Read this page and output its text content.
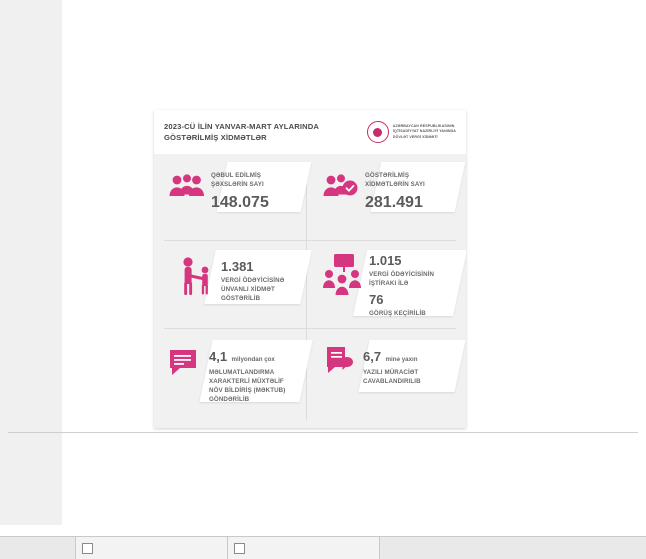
2023-CÜ İLİN YANVAR-MART AYLARINDA
GÖSTƏRİLMİŞ XİDMƏTLƏR
AZƏRBAYCAN RESPUBLİKASININ
İQTİSADİYYAT NAZİRLİYİ YANINDA
DÖVLƏT VERGİ XİDMƏTİ
QƏBUL EDİLMİŞ
ŞƏXSLƏRİN SAYI
148.075
GÖSTƏRİLMİŞ
XİDMƏTLƏRİN SAYI
281.491
1.381
VERGİ ÖDƏYİCİSİNƏ
ÜNVANLI XİDMƏT
GÖSTƏRİLİB
1.015
VERGİ ÖDƏYİCİSİNİN
İŞTİRAKI İLƏ
76
GÖRÜŞ KEÇİRİLİB
4,1 milyondan çox
MƏLUMATLANDIRMA
XARAKTERLİ MÜXTƏLİF
NÖV BİLDİRİŞ (MƏKTUB)
GÖNDƏRİLİB
6,7 minə yaxın
YAZILI MÜRACİƏT
CAVABLANDIRILIB
